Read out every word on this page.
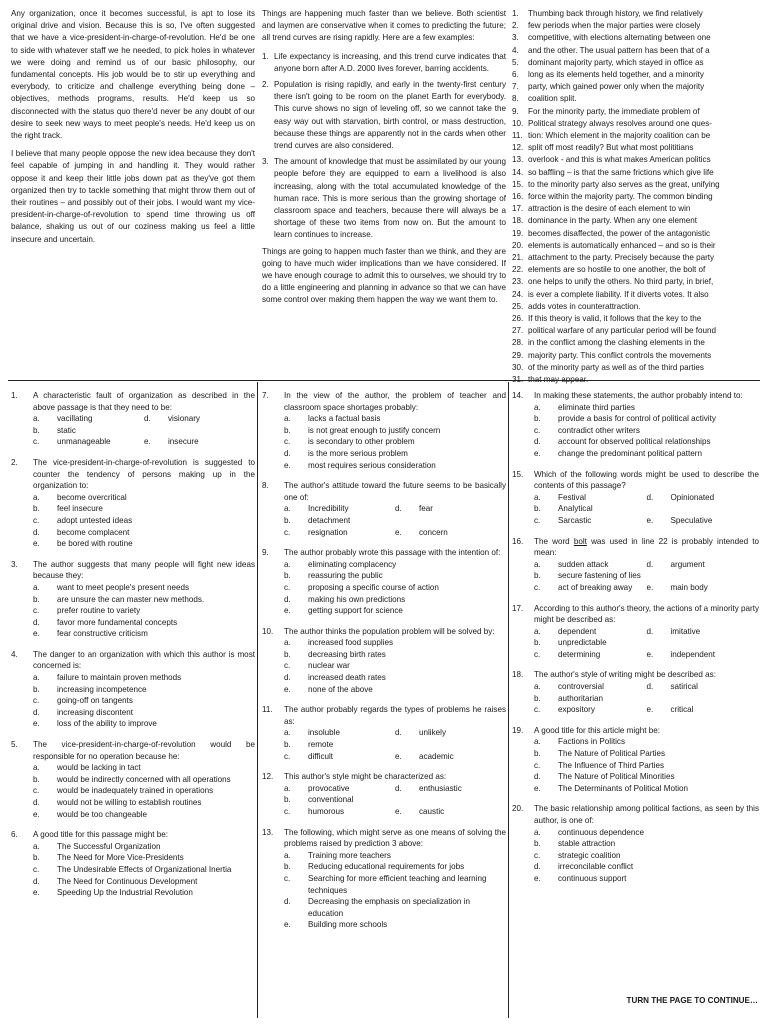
Any organization, once it becomes successful, is apt to lose its original drive and vision. Because this is so, I've often suggested that we have a vice-president-in-charge-of-revolution. He'd be one to side with whatever staff we he needed, to pick holes in whatever we were doing and remind us of our basic philosophy, our fundamental concepts. His job would be to stir up everything and everybody, to criticize and challenge everything being done – objectives, methods programs, results. He'd keep us so disconnected with the status quo there'd never be any doubt of our desire to seek new ways to meet people's needs. He'd keep us on the right track.

I believe that many people oppose the new idea because they don't feel capable of jumping in and handling it. They would rather oppose it and keep their little jobs down pat as they've got them organized then try to tackle something that might throw them out of their routines – and possibly out of their jobs. I would want my vice-president-in-charge-of-revolution to spend time throwing us off balance, shaking us out of our coziness making us feel a little insecure and uncertain.

Things are happening much faster than we believe. Both scientist and laymen are conservative when it comes to predicting the future; all trend curves are rising rapidly. Here are a few examples:

1. Life expectancy is increasing, and this trend curve indicates that anyone born after A.D. 2000 lives forever, barring accidents.
2. Population is rising rapidly, and early in the twenty-first century there isn't going to be room on the planet Earth for everybody. This curve shows no sign of leveling off, so we cannot take the easy way out with starvation, birth control, or mass destruction, because these things are apparently not in the cards when other trend curves are also considered.
3. The amount of knowledge that must be assimilated by our young people before they are equipped to earn a livelihood is also increasing, along with the total accumulated knowledge of the human race. This is more serious than the growing shortage of classroom space and teachers, because there will always be a shortage of these two items from now on. But the amount to learn continues to increase.

Things are going to happen much faster than we think, and they are going to have much wider implications than we have considered. If we have enough courage to admit this to ourselves, we should try to do a little engineering and planning in advance so that we can have some control over making them happen the way we want them to.

1.	Thumbing back through history, we find relatively
2.	few periods when the major parties were closely
3.	competitive, with elections alternating between one
4.	and the other. The usual pattern has been that of a
5.	dominant majority party, which stayed in office as
6.	long as its elements held together, and a minority
7.	party, which gained power only when the majority
8.	coalition split.
9.	For the minority party, the immediate problem of
10. Political strategy always resolves around one ques-
11. tion: Which element in the majority coalition can be
12. split off most readily? But what most polititians
13. overlook - and this is what makes American politics
14. so baffling – is that the same frictions which give life
15. to the minority party also serves as the great, unifying
16. force within the majority party. The common binding
17. attraction is the desire of each element to win
18. dominance in the party. When any one element
19. becomes disaffected, the power of the antagonistic
20. elements is automatically enhanced – and so is their
21. attachment to the party. Precisely because the party
22. elements are so hostile to one another, the bolt of
23. one helps to unify the others. No third party, in brief,
24. is ever a complete liability. If it diverts votes. It also
25. adds votes in counterattraction.
26. If this theory is valid, it follows that the key to the
27. political warfare of any particular period will be found
28. in the conflict among the clashing elements in the
29. majority party. This conflict controls the movements
30. of the minority party as well as of the third parties
31. that may appear.
1.	A characteristic fault of organization as described in the above passage is that they need to be:
a.	vacillating	d.	visionary
b.	static
c.	unmanageable	e.	insecure
2.	The vice-president-in-charge-of-revolution is suggested to counter the tendency of persons making up in the organization to:
a.	become overcritical
b.	feel insecure
c.	adopt untested ideas
d.	become complacent
e.	be bored with routine
3.	The author suggests that many people will fight new ideas because they:
a.	want to meet people's present needs
b.	are unsure the can master new methods.
c.	prefer routine to variety
d.	favor more fundamental concepts
e.	fear constructive criticism
4.	The danger to an organization with which this author is most concerned is:
a.	failure to maintain proven methods
b.	increasing incompetence
c.	going-off on tangents
d.	increasing discontent
e.	loss of the ability to improve
5.	The vice-president-in-charge-of-revolution would be responsible for no operation because he:
a.	would be lacking in tact
b.	would be indirectly concerned with all operations
c.	would be inadequately trained in operations
d.	would not be willing to establish routines
e.	would be too changeable
6.	A good title for this passage might be:
a.	The Successful Organization
b.	The Need for More Vice-Presidents
c.	The Undesirable Effects of Organizational Inertia
d.	The Need for Continuous Development
e.	Speeding Up the Industrial Revolution
7.	In the view of the author, the problem of teacher and classroom space shortages probably:
a.	lacks a factual basis
b.	is not great enough to justify concern
c.	is secondary to other problem
d.	is the more serious problem
e.	most requires serious consideration
8.	The author's attitude toward the future seems to be basically one of:
a.	Incredibility	d.	fear
b.	detachment
c.	resignation	e.	concern
9.	The author probably wrote this passage with the intention of:
a.	eliminating complacency
b.	reassuring the public
c.	proposing a specific course of action
d.	making his own predictions
e.	getting support for science
10.	The author thinks the population problem will be solved by:
a.	increased food supplies
b.	decreasing birth rates
c.	nuclear war
d.	increased death rates
e.	none of the above
11.	The author probably regards the types of problems he raises as:
a.	insoluble	d.	unlikely
b.	remote
c.	difficult	e.	academic
12.	This author's style might be characterized as:
a.	provocative	d.	enthusiastic
b.	conventional
c.	humorous	e.	caustic
13.	The following, which might serve as one means of solving the problems raised by prediction 3 above:
a.	Training more teachers
b.	Reducing educational requirements for jobs
c.	Searching for more efficient teaching and learning techniques
d.	Decreasing the emphasis on specialization in education
e.	Building more schools
14.	In making these statements, the author probably intend to:
a.	eliminate third parties
b.	provide a basis for control of political activity
c.	contradict other writers
d.	account for observed political relationships
e.	change the predominant political pattern
15.	Which of the following words might be used to describe the contents of this passage?
a.	Festival	d.	Opinionated
b.	Analytical
c.	Sarcastic	e.	Speculative
16.	The word bolt was used in line 22 is probably intended to mean:
a.	sudden attack	d.	argument
b.	secure fastening of lies
c.	act of breaking away e.	main body
17.	According to this author's theory, the actions of a minority party might be described as:
a.	dependent	d.	imitative
b.	unpredictable
c.	determining	e.	independent
18.	The author's style of writing might be described as:
a.	controversial	d.	satirical
b.	authoritarian
c.	expository	e.	critical
19.	A good title for this article might be:
a.	Factions in Politics
b.	The Nature of Political Parties
c.	The Influence of Third Parties
d.	The Nature of Political Minorities
e.	The Determinants of Political Motion
20.	The basic relationship among political factions, as seen by this author, is one of:
a.	continuous dependence
b.	stable attraction
c.	strategic coalition
d.	irreconcilable conflict
e.	continuous support
TURN THE PAGE TO CONTINUE…
